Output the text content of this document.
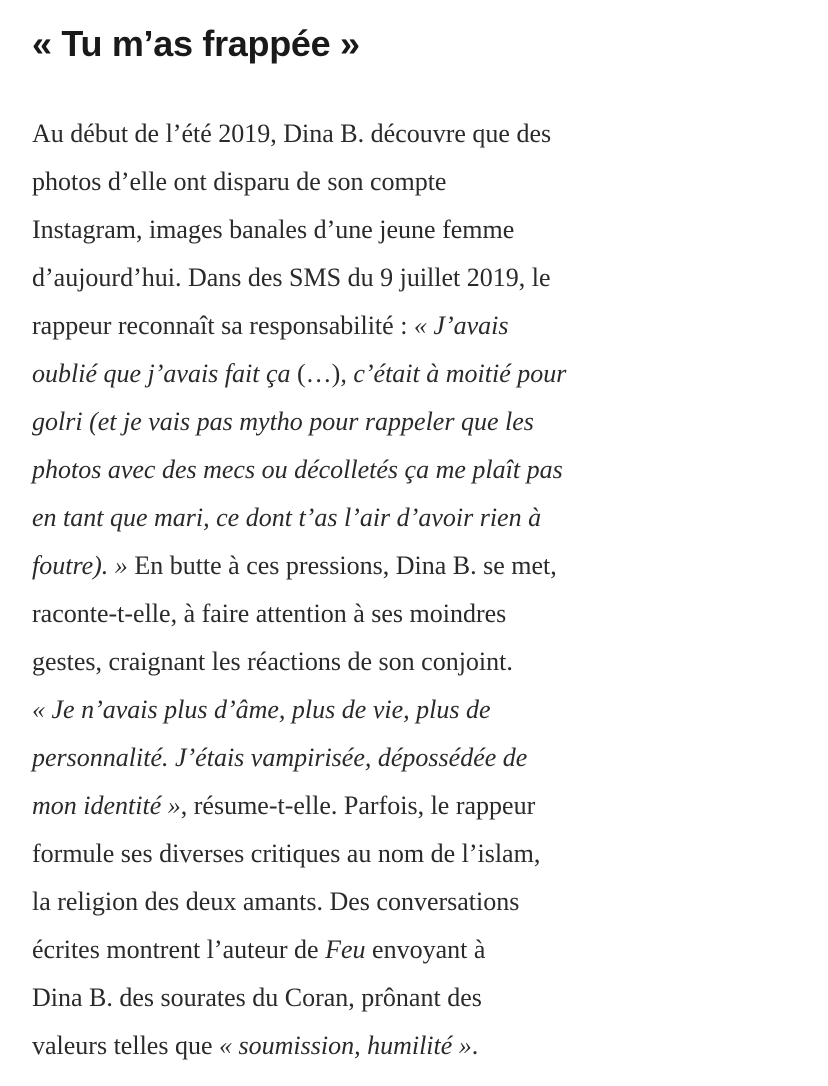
« Tu m’as frappée »
Au début de l’été 2019, Dina B. découvre que des
photos d’elle ont disparu de son compte
Instagram, images banales d’une jeune femme
d’aujourd’hui. Dans des SMS du 9 juillet 2019, le
rappeur reconnaît sa responsabilité : « J’avais
oublié que j’avais fait ça (…), c’était à moitié pour
golri (et je vais pas mytho pour rappeler que les
photos avec des mecs ou décolletés ça me plaît pas
en tant que mari, ce dont t’as l’air d’avoir rien à
foutre). » En butte à ces pressions, Dina B. se met,
raconte-t-elle, à faire attention à ses moindres
gestes, craignant les réactions de son conjoint.
« Je n’avais plus d’âme, plus de vie, plus de
personnalité. J’étais vampirisée, dépossédée de
mon identité », résume-t-elle. Parfois, le rappeur
formule ses diverses critiques au nom de l’islam,
la religion des deux amants. Des conversations
écrites montrent l’auteur de Feu envoyant à
Dina B. des sourates du Coran, prônant des
valeurs telles que « soumission, humilité ».
